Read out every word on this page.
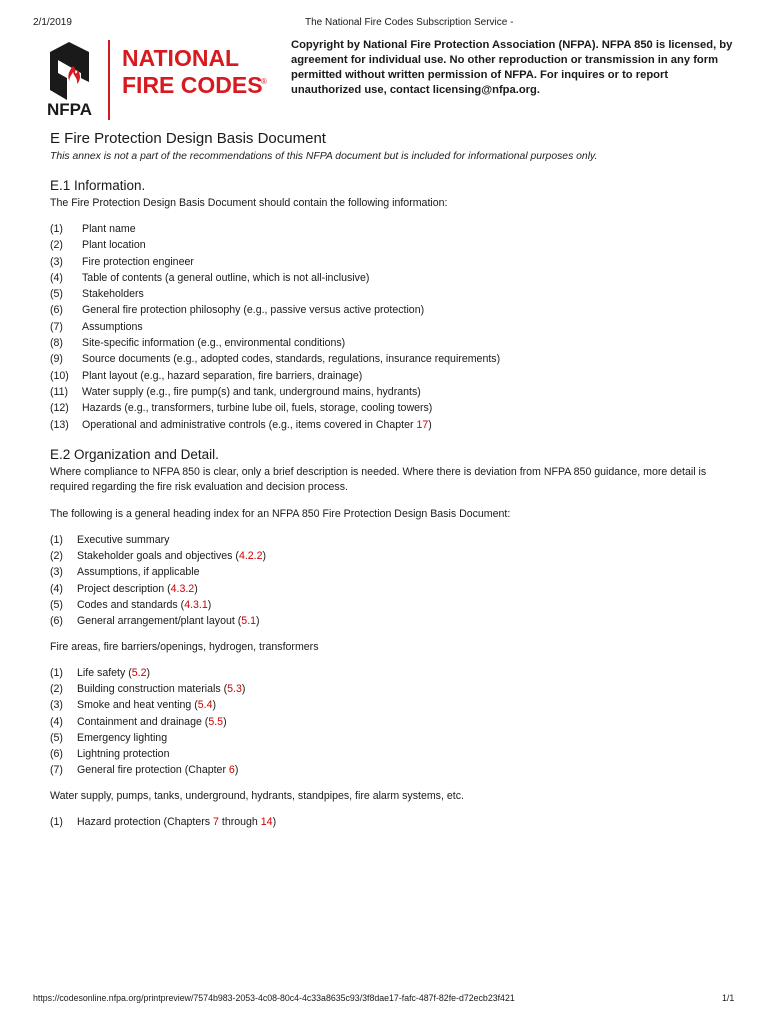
2/1/2019	The National Fire Codes Subscription Service -
NFPA
NATIONAL
FIRE CODES
®
Copyright by National Fire Protection Association (NFPA). NFPA 850 is licensed, by agreement for individual use. No other reproduction or transmission in any form permitted without written permission of NFPA. For inquires or to report unauthorized use, contact licensing@nfpa.org.
E Fire Protection Design Basis Document
This annex is not a part of the recommendations of this NFPA document but is included for informational purposes only.
E.1 Information.

The Fire Protection Design Basis Document should contain the following information:

(1)	Plant name
(2)	Plant location
(3)	Fire protection engineer
(4)	Table of contents (a general outline, which is not all-inclusive)
(5)	Stakeholders
(6)	General fire protection philosophy (e.g., passive versus active protection)
(7)	Assumptions
(8)	Site-specific information (e.g., environmental conditions)
(9)	Source documents (e.g., adopted codes, standards, regulations, insurance requirements)
(10)	Plant layout (e.g., hazard separation, fire barriers, drainage)
(11)	Water supply (e.g., fire pump(s) and tank, underground mains, hydrants)
(12)	Hazards (e.g., transformers, turbine lube oil, fuels, storage, cooling towers)
(13)	Operational and administrative controls (e.g., items covered in Chapter 17)
E.2 Organization and Detail.

Where compliance to NFPA 850 is clear, only a brief description is needed. Where there is deviation from NFPA 850 guidance, more detail is required regarding the fire risk evaluation and decision process.

The following is a general heading index for an NFPA 850 Fire Protection Design Basis Document:

(1)	Executive summary
(2)	Stakeholder goals and objectives (4.2.2)
(3)	Assumptions, if applicable
(4)	Project description (4.3.2)
(5)	Codes and standards (4.3.1)
(6)	General arrangement/plant layout (5.1)

Fire areas, fire barriers/openings, hydrogen, transformers

(1)	Life safety (5.2)
(2)	Building construction materials (5.3)
(3)	Smoke and heat venting (5.4)
(4)	Containment and drainage (5.5)
(5)	Emergency lighting
(6)	Lightning protection
(7)	General fire protection (Chapter 6)

Water supply, pumps, tanks, underground, hydrants, standpipes, fire alarm systems, etc.

(1)	Hazard protection (Chapters 7 through 14)
https://codesonline.nfpa.org/printpreview/7574b983-2053-4c08-80c4-4c33a8635c93/3f8dae17-fafc-487f-82fe-d72ecb23f421	1/1
